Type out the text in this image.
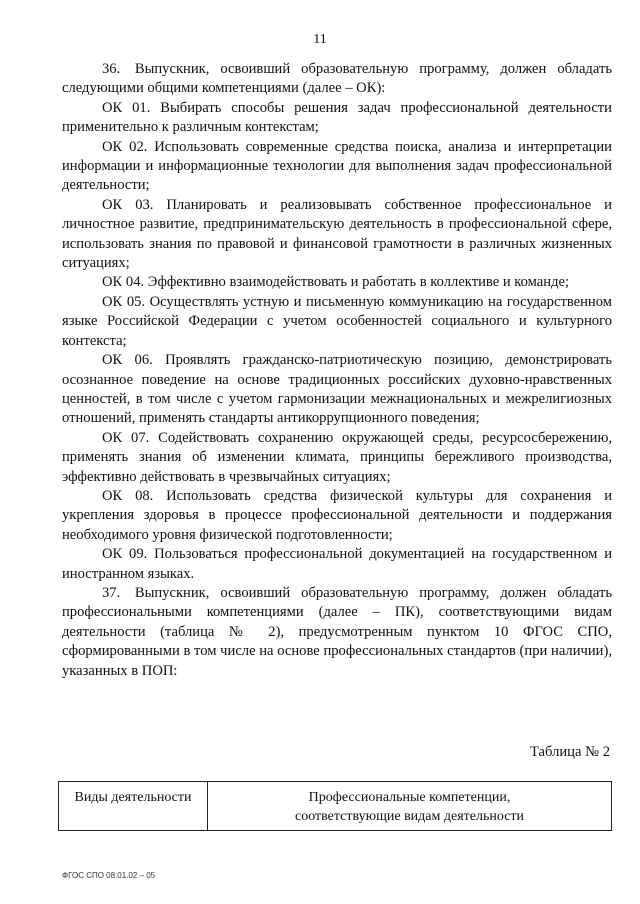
11

36. Выпускник, освоивший образовательную программу, должен обладать следующими общими компетенциями (далее – ОК):

ОК 01. Выбирать способы решения задач профессиональной деятельности применительно к различным контекстам;

ОК 02. Использовать современные средства поиска, анализа и интерпретации информации и информационные технологии для выполнения задач профессиональной деятельности;

ОК 03. Планировать и реализовывать собственное профессиональное и личностное развитие, предпринимательскую деятельность в профессиональной сфере, использовать знания по правовой и финансовой грамотности в различных жизненных ситуациях;

ОК 04. Эффективно взаимодействовать и работать в коллективе и команде;

ОК 05. Осуществлять устную и письменную коммуникацию на государственном языке Российской Федерации с учетом особенностей социального и культурного контекста;

ОК 06. Проявлять гражданско-патриотическую позицию, демонстрировать осознанное поведение на основе традиционных российских духовно-нравственных ценностей, в том числе с учетом гармонизации межнациональных и межрелигиозных отношений, применять стандарты антикоррупционного поведения;

ОК 07. Содействовать сохранению окружающей среды, ресурсосбережению, применять знания об изменении климата, принципы бережливого производства, эффективно действовать в чрезвычайных ситуациях;

ОК 08. Использовать средства физической культуры для сохранения и укрепления здоровья в процессе профессиональной деятельности и поддержания необходимого уровня физической подготовленности;

ОК 09. Пользоваться профессиональной документацией на государственном и иностранном языках.

37. Выпускник, освоивший образовательную программу, должен обладать профессиональными компетенциями (далее – ПК), соответствующими видам деятельности (таблица № 2), предусмотренным пунктом 10 ФГОС СПО, сформированными в том числе на основе профессиональных стандартов (при наличии), указанных в ПОП:

Таблица № 2
Виды деятельности	Профессиональные компетенции,
соответствующие видам деятельности
ФГОС СПО 08.01.02 – 05
